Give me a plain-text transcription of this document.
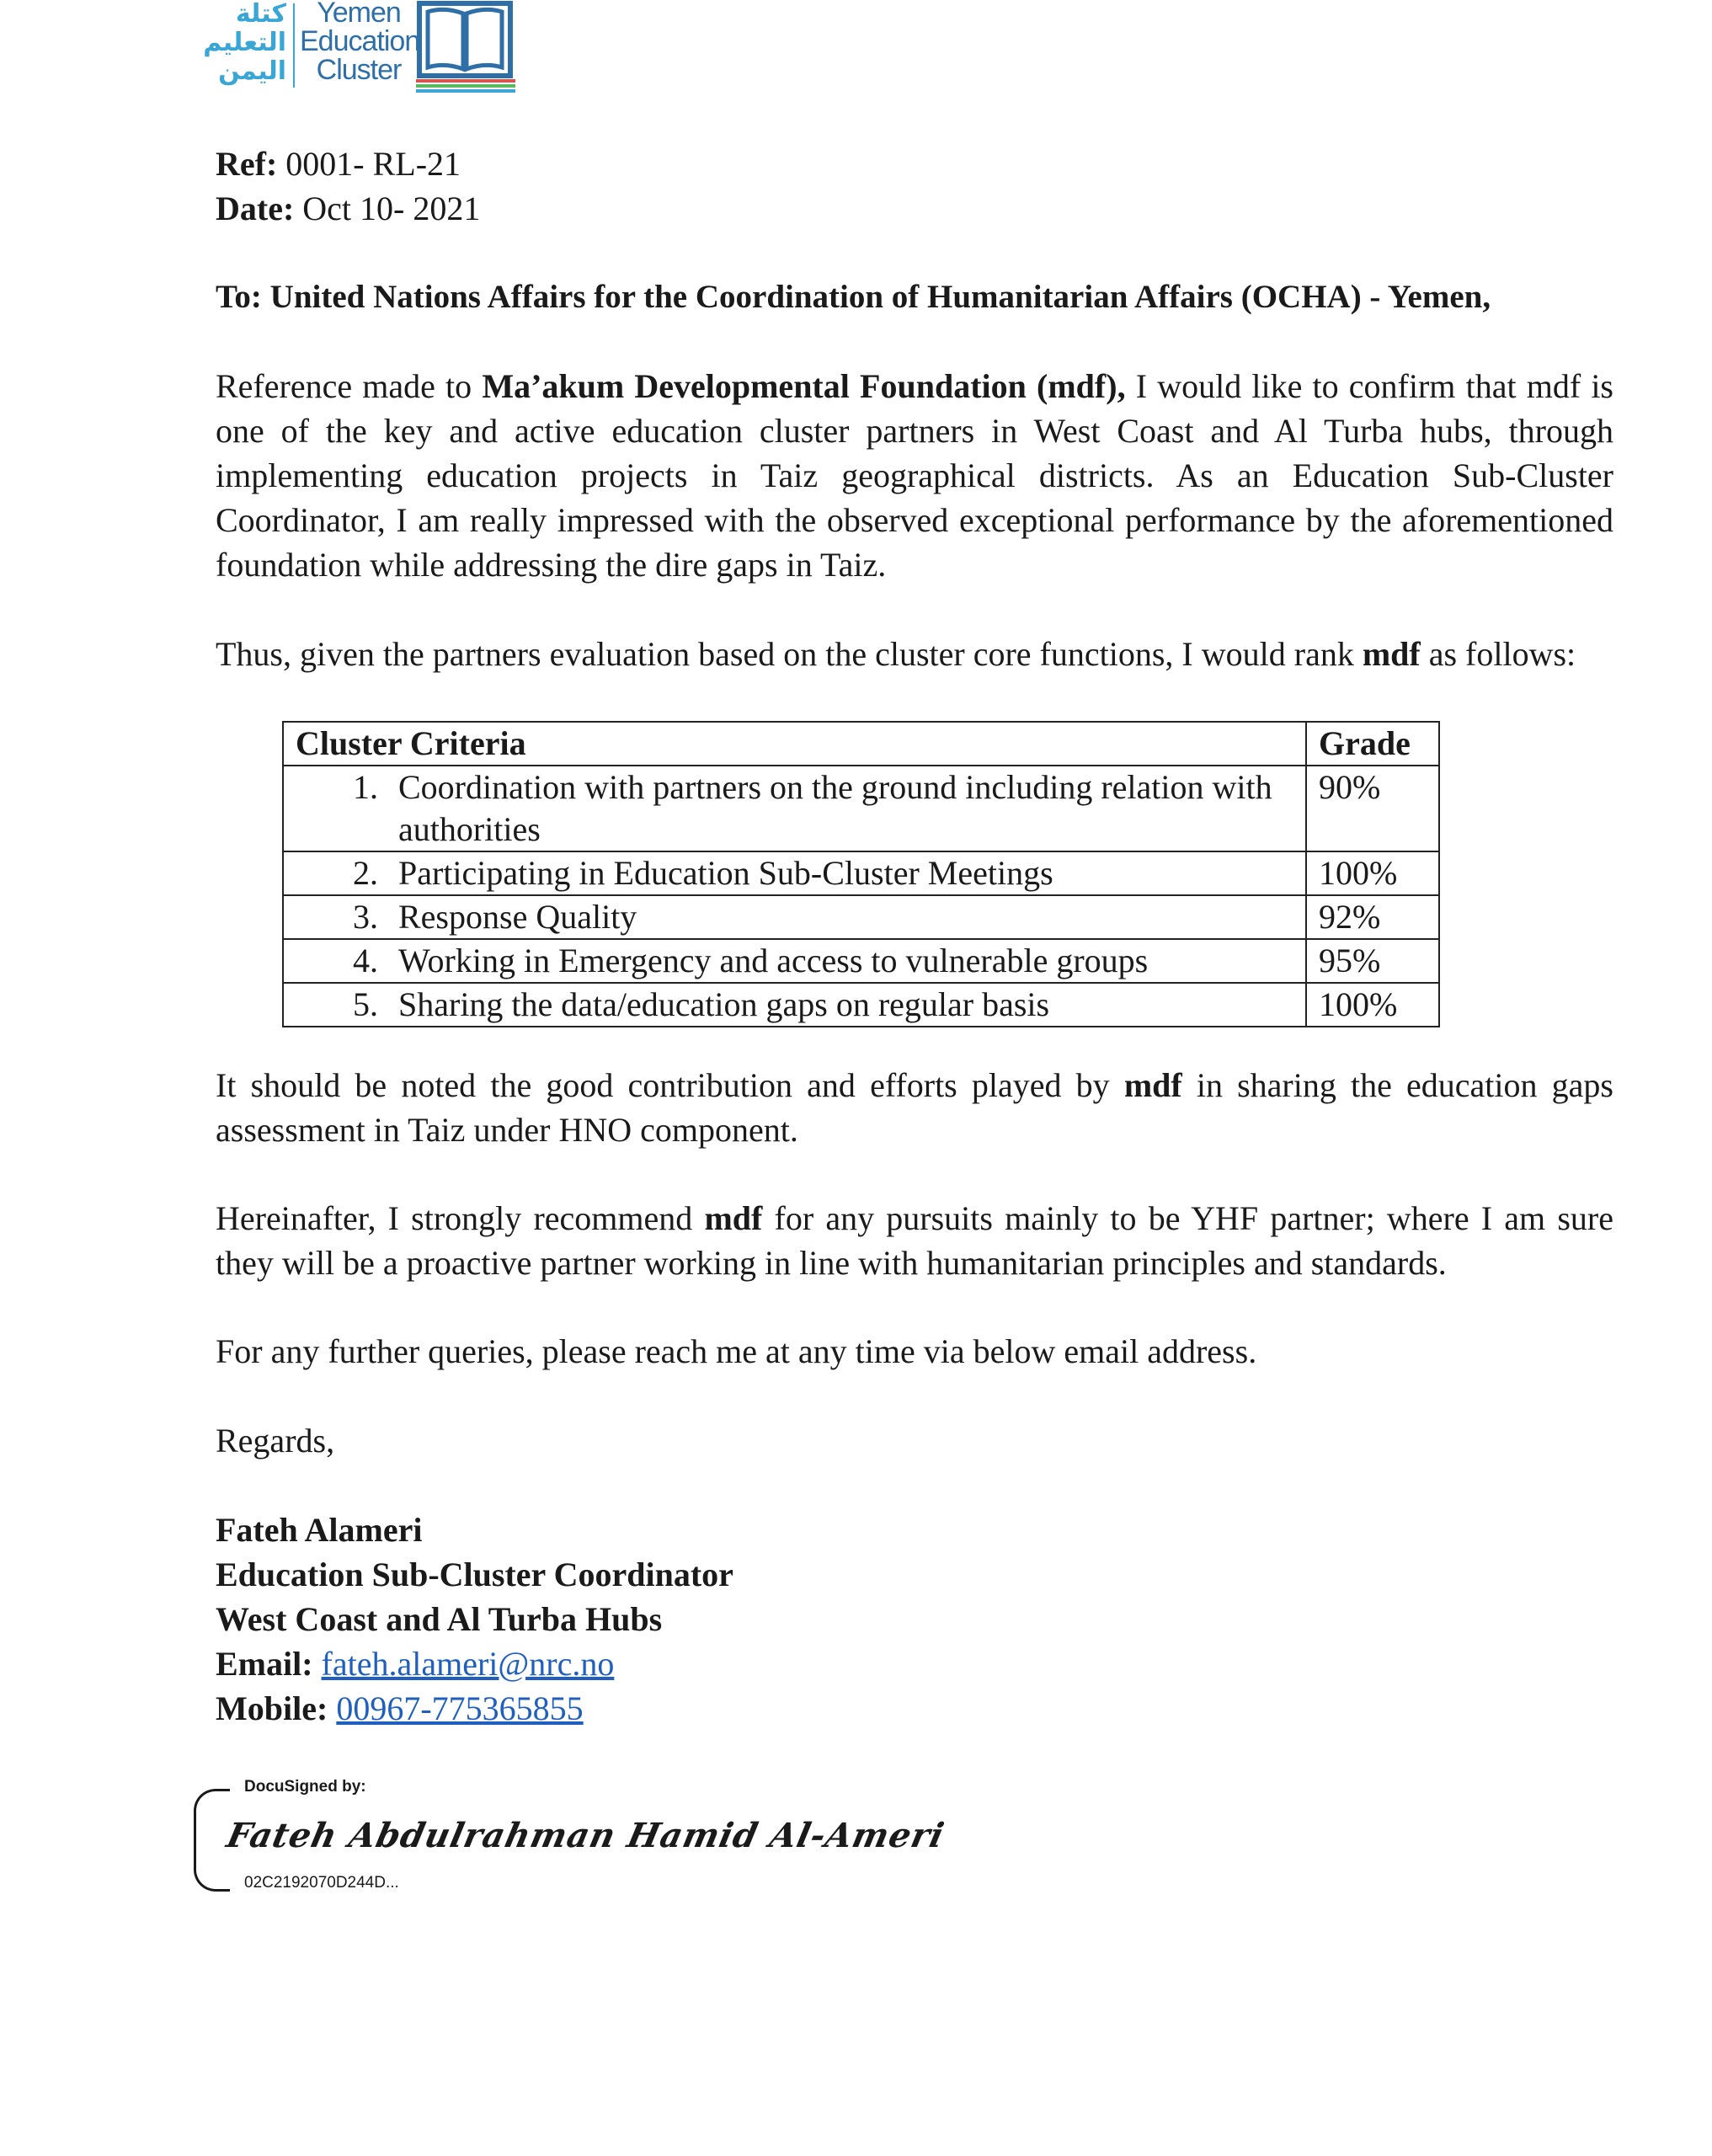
كتلة
التعليم
اليمن
Yemen
Education
Cluster
Ref: 0001- RL-21
Date: Oct 10- 2021
To: United Nations Affairs for the Coordination of Humanitarian Affairs (OCHA) - Yemen,
Reference made to Ma’akum Developmental Foundation (mdf), I would like to confirm that mdf is one of the key and active education cluster partners in West Coast and Al Turba hubs, through implementing education projects in Taiz geographical districts. As an Education Sub-Cluster Coordinator, I am really impressed with the observed exceptional performance by the aforementioned foundation while addressing the dire gaps in Taiz.
Thus, given the partners evaluation based on the cluster core functions, I would rank mdf as follows:
Cluster Criteria	Grade

1. Coordination with partners on the ground including relation with authorities	90%

2. Participating in Education Sub-Cluster Meetings	100%

3. Response Quality	92%

4. Working in Emergency and access to vulnerable groups	95%

5. Sharing the data/education gaps on regular basis	100%
It should be noted the good contribution and efforts played by mdf in sharing the education gaps assessment in Taiz under HNO component.
Hereinafter, I strongly recommend mdf for any pursuits mainly to be YHF partner; where I am sure they will be a proactive partner working in line with humanitarian principles and standards.
For any further queries, please reach me at any time via below email address.
Regards,
Fateh Alameri
Education Sub-Cluster Coordinator
West Coast and Al Turba Hubs
Email: fateh.alameri@nrc.no
Mobile: 00967-775365855
DocuSigned by:
Fateh Abdulrahman Hamid Al-Ameri
02C2192070D244D...
